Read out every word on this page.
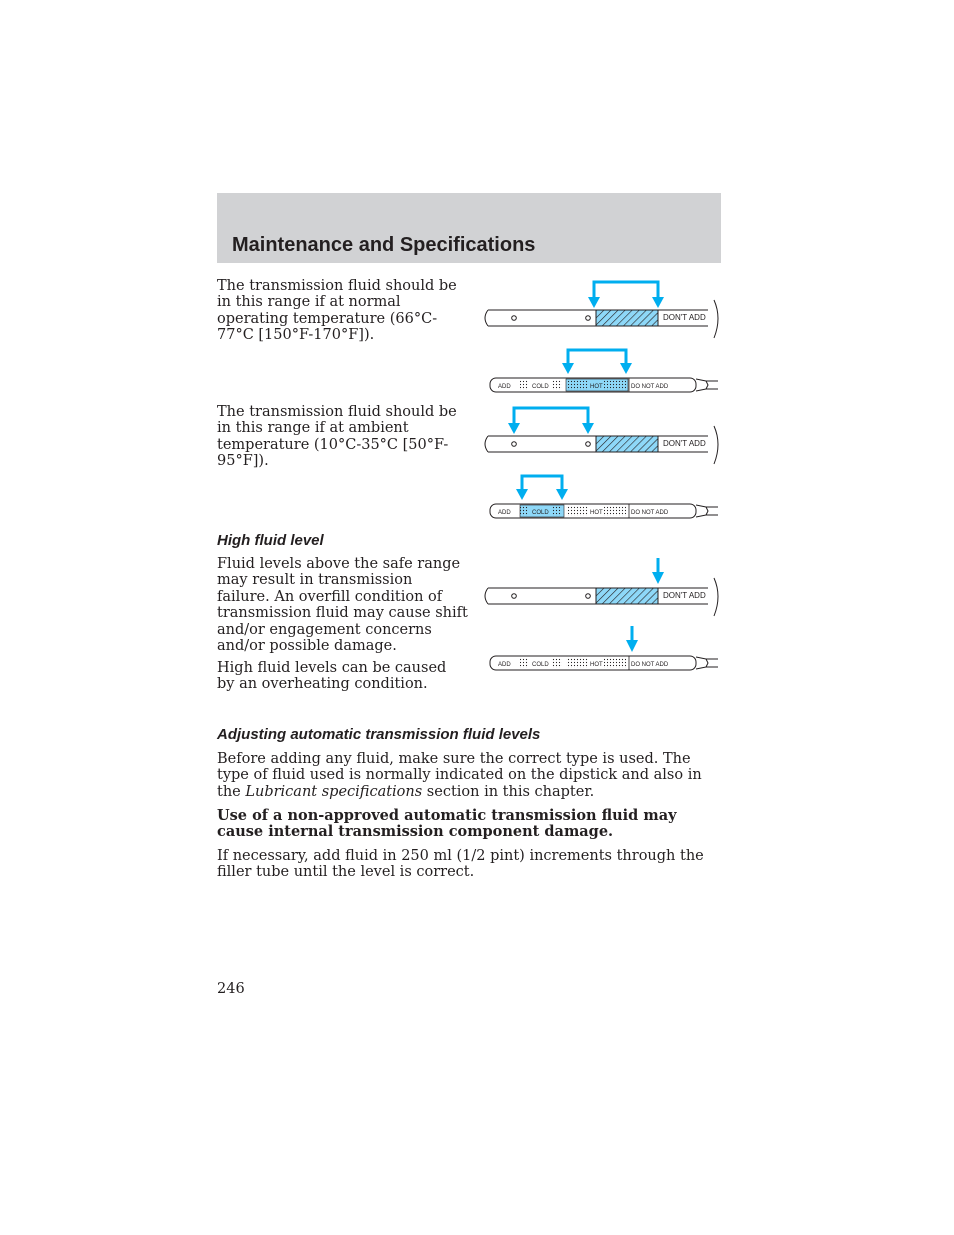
Maintenance and Specifications

The transmission fluid should be in this range if at normal operating temperature (66°C-77°C [150°F-170°F]).

The transmission fluid should be in this range if at ambient temperature (10°C-35°C [50°F-95°F]).

High fluid level

Fluid levels above the safe range may result in transmission failure. An overfill condition of transmission fluid may cause shift and/or engagement concerns and/or possible damage.

High fluid levels can be caused by an overheating condition.

Adjusting automatic transmission fluid levels

Before adding any fluid, make sure the correct type is used. The type of fluid used is normally indicated on the dipstick and also in the Lubricant specifications section in this chapter.

Use of a non-approved automatic transmission fluid may cause internal transmission component damage.

If necessary, add fluid in 250 ml (1/2 pint) increments through the filler tube until the level is correct.

246
DON'T ADD
ADD	COLD	HOT	DO NOT ADD
DON'T ADD
ADD	COLD	HOT	DO NOT ADD
DON'T ADD
ADD	COLD	HOT	DO NOT ADD
